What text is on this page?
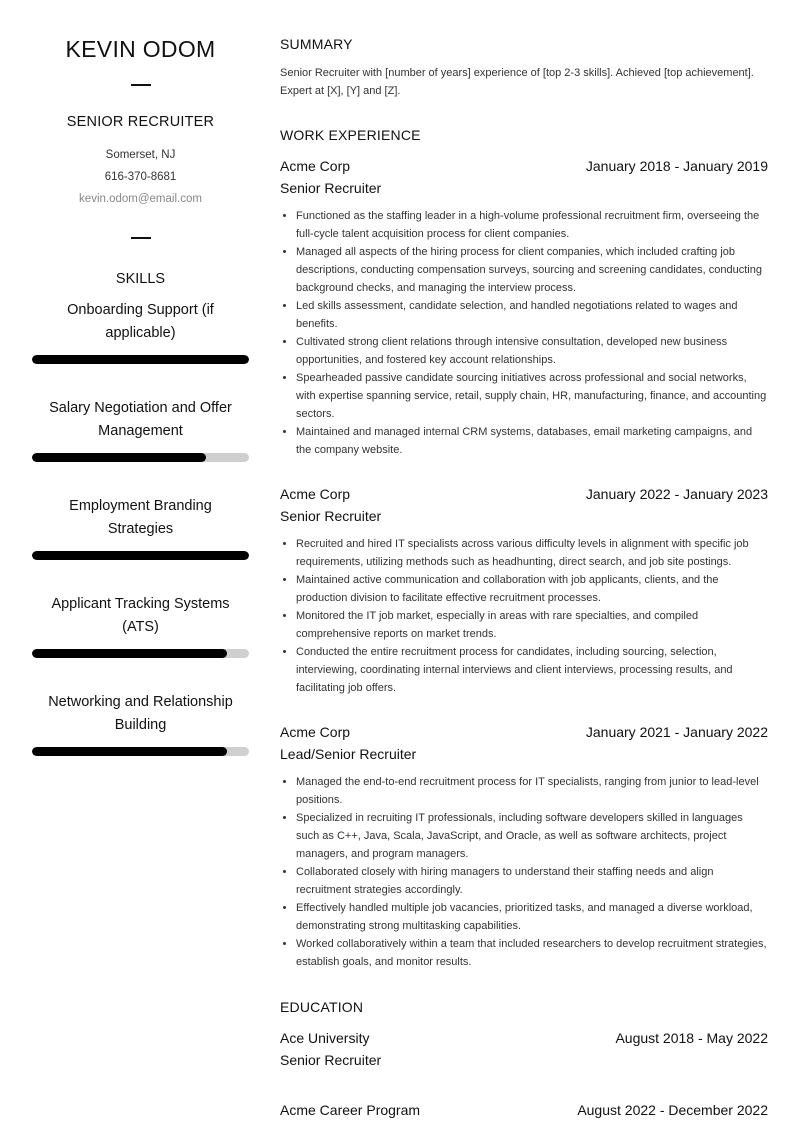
KEVIN ODOM
SENIOR RECRUITER
Somerset, NJ
616-370-8681
kevin.odom@email.com
SKILLS
Onboarding Support (if applicable)
Salary Negotiation and Offer Management
Employment Branding Strategies
Applicant Tracking Systems (ATS)
Networking and Relationship Building
SUMMARY
Senior Recruiter with [number of years] experience of [top 2-3 skills]. Achieved [top achievement]. Expert at [X], [Y] and [Z].
WORK EXPERIENCE
Acme Corp	January 2018 - January 2019
Senior Recruiter
• Functioned as the staffing leader in a high-volume professional recruitment firm, overseeing the full-cycle talent acquisition process for client companies.
• Managed all aspects of the hiring process for client companies, which included crafting job descriptions, conducting compensation surveys, sourcing and screening candidates, conducting background checks, and managing the interview process.
• Led skills assessment, candidate selection, and handled negotiations related to wages and benefits.
• Cultivated strong client relations through intensive consultation, developed new business opportunities, and fostered key account relationships.
• Spearheaded passive candidate sourcing initiatives across professional and social networks, with expertise spanning service, retail, supply chain, HR, manufacturing, finance, and accounting sectors.
• Maintained and managed internal CRM systems, databases, email marketing campaigns, and the company website.
Acme Corp	January 2022 - January 2023
Senior Recruiter
• Recruited and hired IT specialists across various difficulty levels in alignment with specific job requirements, utilizing methods such as headhunting, direct search, and job site postings.
• Maintained active communication and collaboration with job applicants, clients, and the production division to facilitate effective recruitment processes.
• Monitored the IT job market, especially in areas with rare specialties, and compiled comprehensive reports on market trends.
• Conducted the entire recruitment process for candidates, including sourcing, selection, interviewing, coordinating internal interviews and client interviews, processing results, and facilitating job offers.
Acme Corp	January 2021 - January 2022
Lead/Senior Recruiter
• Managed the end-to-end recruitment process for IT specialists, ranging from junior to lead-level positions.
• Specialized in recruiting IT professionals, including software developers skilled in languages such as C++, Java, Scala, JavaScript, and Oracle, as well as software architects, project managers, and program managers.
• Collaborated closely with hiring managers to understand their staffing needs and align recruitment strategies accordingly.
• Effectively handled multiple job vacancies, prioritized tasks, and managed a diverse workload, demonstrating strong multitasking capabilities.
• Worked collaboratively within a team that included researchers to develop recruitment strategies, establish goals, and monitor results.
EDUCATION
Ace University	August 2018 - May 2022
Senior Recruiter
Acme Career Program	August 2022 - December 2022
